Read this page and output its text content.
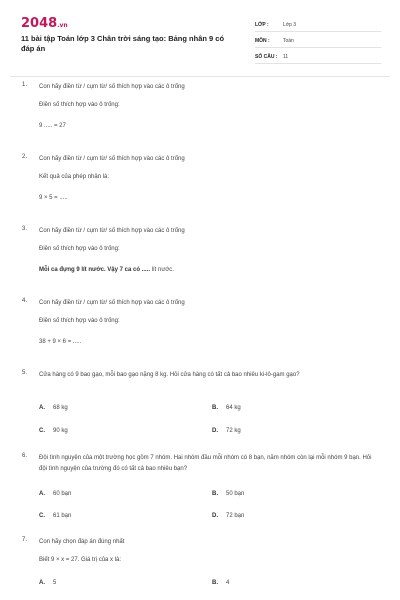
2048.vn
11 bài tập Toán lớp 3 Chân trời sáng tạo: Bảng nhân 9 có đáp án
LỚP :	Lớp 3
MÔN :	Toán
SỐ CÂU :	11
1. Con hãy điền từ / cụm từ/ số thích hợp vào các ô trống
Điền số thích hợp vào ô trống:
9 ..... = 27
2. Con hãy điền từ / cụm từ/ số thích hợp vào các ô trống
Kết quả của phép nhân là:
9 × 5 = .....
3. Con hãy điền từ / cụm từ/ số thích hợp vào các ô trống
Điền số thích hợp vào ô trống:
Mỗi ca đựng 9 lít nước. Vậy 7 ca có ..... lít nước.
4. Con hãy điền từ / cụm từ/ số thích hợp vào các ô trống
Điền số thích hợp vào ô trống:
38 + 9 × 6 = .....
5. Cửa hàng có 9 bao gạo, mỗi bao gạo nặng 8 kg. Hỏi cửa hàng có tất cả bao nhiêu ki-lô-gam gạo?
A. 68 kg	B. 64 kg
C. 90 kg	D. 72 kg
6. Đội tình nguyện của một trường học gồm 7 nhóm. Hai nhóm đầu mỗi nhóm có 8 bạn, năm nhóm còn lại mỗi nhóm 9 bạn. Hỏi đội tình nguyện của trường đó có tất cả bao nhiêu bạn?
A. 60 bạn	B. 50 bạn
C. 61 bạn	D. 72 bạn
7. Con hãy chọn đáp án đúng nhất
Biết 9 × x = 27. Giá trị của x là:
A. 5	B. 4
